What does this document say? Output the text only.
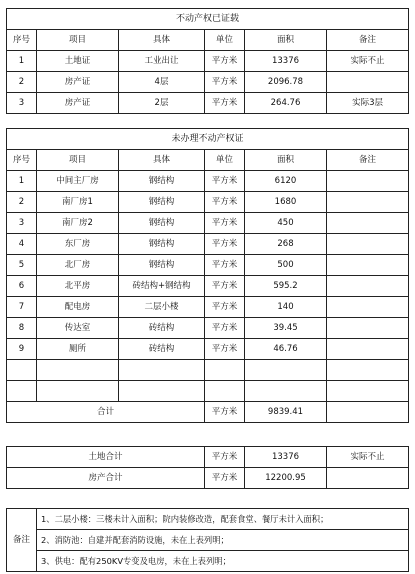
不动产权已证载					
序号	项目	具体	单位	面积	备注
1	土地证	工业出让	平方米	13376	实际不止
2	房产证	4层	平方米	2096.78	
3	房产证	2层	平方米	264.76	实际3层
未办理不动产权证					
序号	项目	具体	单位	面积	备注
1	中间主厂房	钢结构	平方米	6120	
2	南厂房1	钢结构	平方米	1680	
3	南厂房2	钢结构	平方米	450	
4	东厂房	钢结构	平方米	268	
5	北厂房	钢结构	平方米	500	
6	北平房	砖结构+钢结构	平方米	595.2	
7	配电房	二层小楼	平方米	140	
8	传达室	砖结构	平方米	39.45	
9	厕所	砖结构	平方米	46.76	

合计			平方米	9839.41	
土地合计	平方米	13376	实际不止
房产合计	平方米	12200.95	
备注	1、二层小楼：三楼未计入面积；院内装修改造，配套食堂、餐厅未计入面积；
2、消防池：自建并配套消防设施，未在上表列明；
3、供电：配有250KV专变及电房，未在上表列明；
